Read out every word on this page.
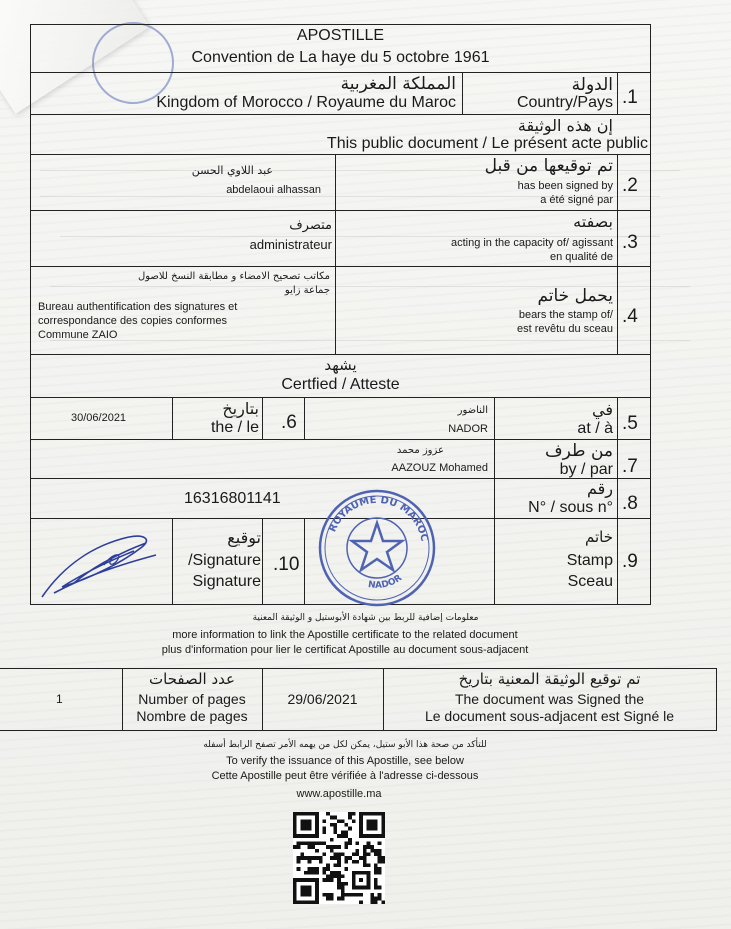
APOSTILLE
Convention de La haye du 5 octobre 1961
.1
الدولة
Country/Pays
المملكة المغربية
Kingdom of Morocco / Royaume du Maroc
إن هذه الوثيقة
This public document / Le présent acte public
.2
تم توقيعها من قبل
has been signed by
a été signé par
عبد اللاوي الحسن
abdelaoui alhassan
.3
بصفته
acting in the capacity of/ agissant
en qualité de
متصرف
administrateur
.4
يحمل خاتم
bears the stamp of/
est revêtu du sceau
مكاتب تصحيح الامضاء و مطابقة النسخ للاصول
جماعة زايو
Bureau authentification des signatures et
correspondance des copies conformes
Commune ZAIO
يشهد
Certfied / Atteste
.5
في
at / à
الناضور
NADOR
.6
بتاريخ
the / le
30/06/2021
.7
من طرف
by / par
عزوز محمد
AAZOUZ Mohamed
.8
رقم
N° / sous n°
16316801141
.9
خاتم
Stamp
Sceau
.10
توقيع
/Signature
Signature
ROYAUME DU MAROC
NADOR
معلومات إضافية للربط بين شهادة الأبوستيل و الوثيقة المعنية
more information to link the Apostille certificate to the related document
plus d'information pour lier le certificat Apostille au document sous-adjacent
1
عدد الصفحات
Number of pages
Nombre de pages
29/06/2021
تم توقيع الوثيقة المعنية بتاريخ
The document was Signed the
Le document sous-adjacent est Signé le
للتأكد من صحة هذا الأبو ستيل، يمكن لكل من يهمه الأمر تصفح الرابط أسفله
To verify the issuance of this Apostille, see below
Cette Apostille peut être vérifiée à l'adresse ci-dessous
www.apostille.ma
